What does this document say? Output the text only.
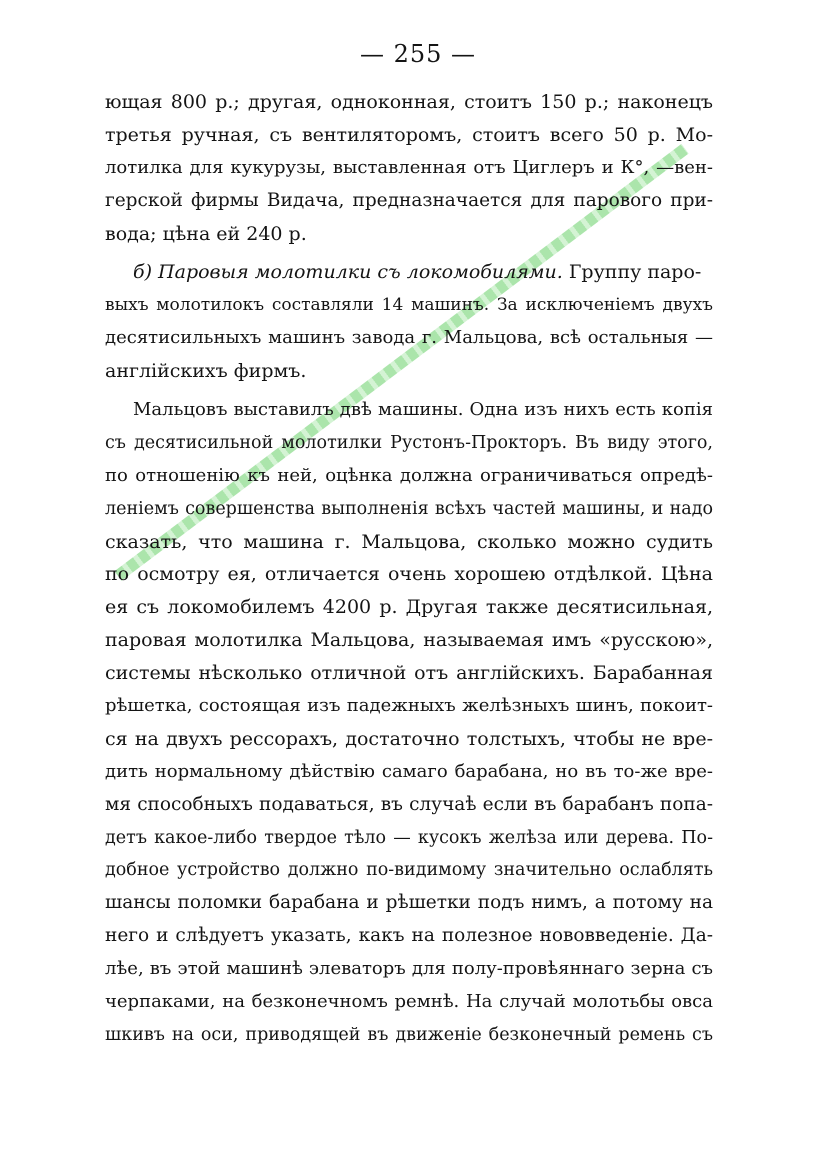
— 255 —
ющая 800 р.; другая, одноконная, стоитъ 150 р.; наконецъ
третья ручная, съ вентиляторомъ, стоитъ всего 50 р. Мо-
лотилка для кукурузы, выставленная отъ Циглеръ и К°, —вен-
герской фирмы Видача, предназначается для парового при-
вода; цѣна ей 240 р.
б) Паровыя молотилки съ локомобилями. Группу паро-
выхъ молотилокъ составляли 14 машинъ. За исключеніемъ двухъ
десятисильныхъ машинъ завода г. Мальцова, всѣ остальныя —
англійскихъ фирмъ.
Мальцовъ выставилъ двѣ машины. Одна изъ нихъ есть копія
съ десятисильной молотилки Рустонъ-Прокторъ. Въ виду этого,
по отношенію къ ней, оцѣнка должна ограничиваться опредѣ-
леніемъ совершенства выполненія всѣхъ частей машины, и надо
сказать, что машина г. Мальцова, сколько можно судить
по осмотру ея, отличается очень хорошею отдѣлкой. Цѣна
ея съ локомобилемъ 4200 р. Другая также десятисильная,
паровая молотилка Мальцова, называемая имъ «русскою»,
системы нѣсколько отличной отъ англійскихъ. Барабанная
рѣшетка, состоящая изъ падежныхъ желѣзныхъ шинъ, покоит-
ся на двухъ рессорахъ, достаточно толстыхъ, чтобы не вре-
дить нормальному дѣйствію самаго барабана, но въ то-же вре-
мя способныхъ подаваться, въ случаѣ если въ барабанъ попа-
детъ какое-либо твердое тѣло — кусокъ желѣза или дерева. По-
добное устройство должно по-видимому значительно ослаблять
шансы поломки барабана и рѣшетки подъ нимъ, а потому на
него и слѣдуетъ указать, какъ на полезное нововведеніе. Да-
лѣе, въ этой машинѣ элеваторъ для полу-провѣяннаго зерна съ
черпаками, на безконечномъ ремнѣ. На случай молотьбы овса
шкивъ на оси, приводящей въ движеніе безконечный ремень съ
